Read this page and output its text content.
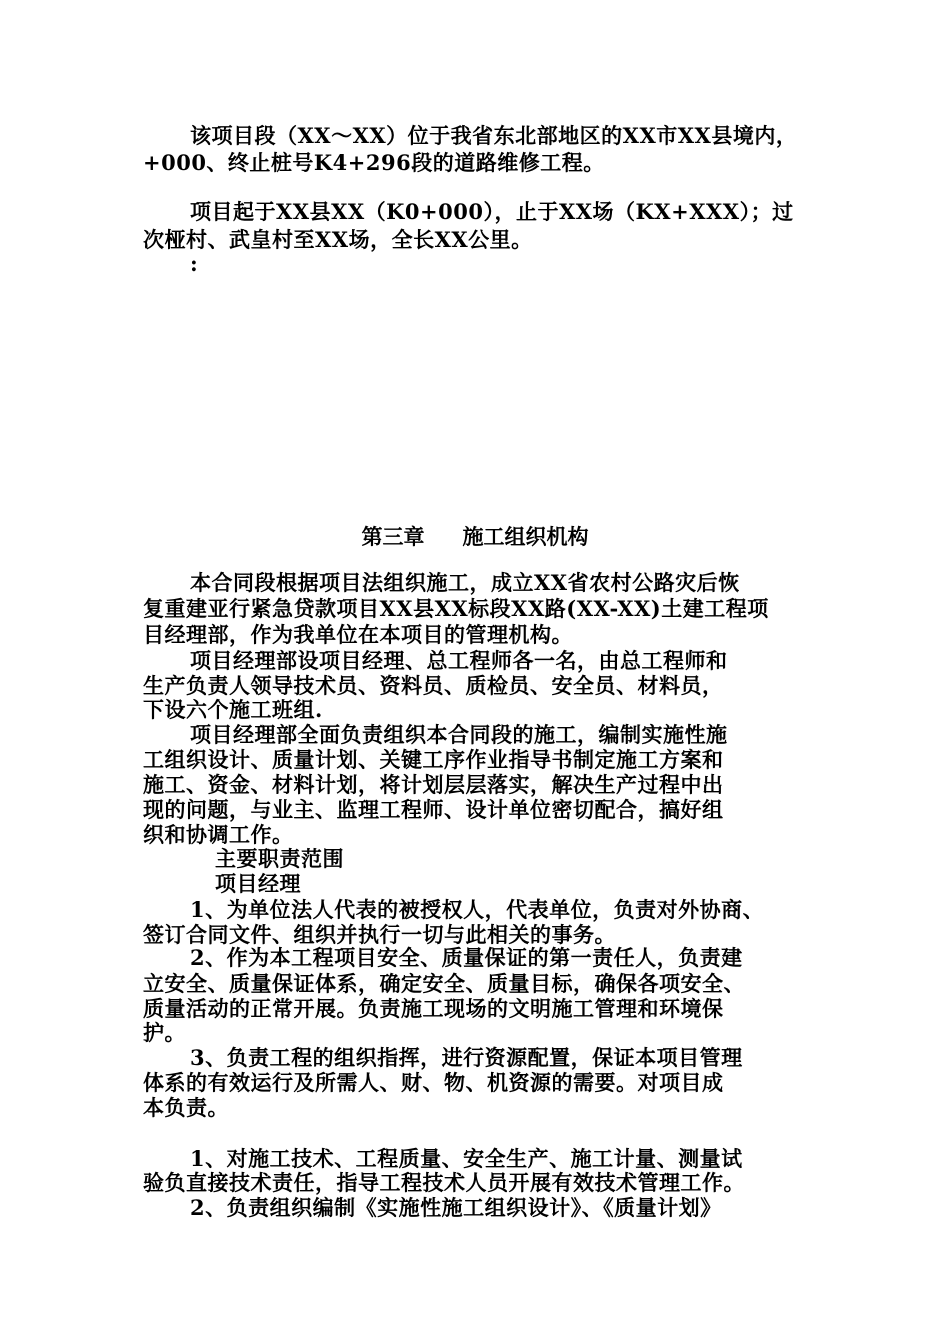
该项目段（XX～XX）位于我省东北部地区的XX市XX县境内，
+000、终止桩号K4+296段的道路维修工程。
项目起于XX县XX（K0+000），止于XX场（KX+XXX）；过
次桠村、武皇村至XX场，全长XX公里。
:
第三章 施工组织机构
本合同段根据项目法组织施工，成立XX省农村公路灾后恢
复重建亚行紧急贷款项目XX县XX标段XX路(XX-XX)土建工程项
目经理部，作为我单位在本项目的管理机构。
项目经理部设项目经理、总工程师各一名，由总工程师和
生产负责人领导技术员、资料员、质检员、安全员、材料员，
下设六个施工班组.
项目经理部全面负责组织本合同段的施工，编制实施性施
工组织设计、质量计划、关键工序作业指导书制定施工方案和
施工、资金、材料计划，将计划层层落实，解决生产过程中出
现的问题，与业主、监理工程师、设计单位密切配合，搞好组
织和协调工作。
主要职责范围
项目经理
1、为单位法人代表的被授权人，代表单位，负责对外协商、
签订合同文件、组织并执行一切与此相关的事务。
2、作为本工程项目安全、质量保证的第一责任人，负责建
立安全、质量保证体系，确定安全、质量目标，确保各项安全、
质量活动的正常开展。负责施工现场的文明施工管理和环境保
护。
3、负责工程的组织指挥，进行资源配置，保证本项目管理
体系的有效运行及所需人、财、物、机资源的需要。对项目成
本负责。
1、对施工技术、工程质量、安全生产、施工计量、测量试
验负直接技术责任，指导工程技术人员开展有效技术管理工作。
2、负责组织编制《实施性施工组织设计》、《质量计划》
